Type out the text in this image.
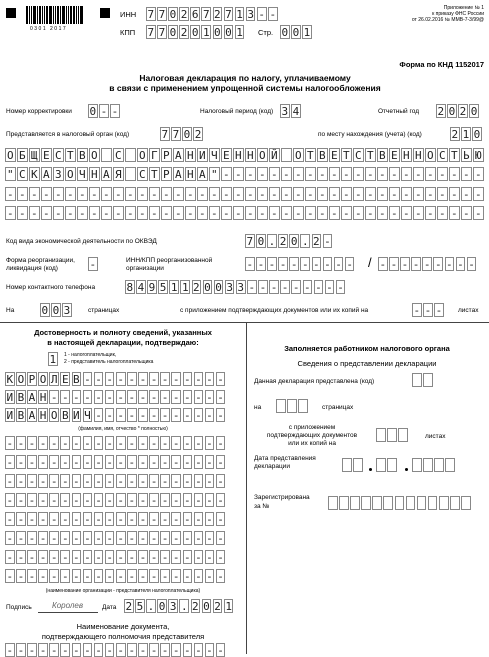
0301 2017
ИНН 7 7 0 2 6 7 2 7 1 3 - -
КПП 7 7 0 2 0 1 0 0 1 Стр. 0 0 1
Приложение № 1
к приказу ФНС России
от 26.02.2016 № ММВ-7-3/99@
Форма по КНД 1152017
Налоговая декларация по налогу, уплачиваемому
в связи с применением упрощенной системы налогообложения
Номер корректировки 0 - -	Налоговый период (код) 3 4	Отчетный год 2 0 2 0
Представляется в налоговый орган (код)	7 7 0 2	по месту нахождения (учета) (код)	2 1 0
О Б Щ Е С Т В О С О Г Р А Н И Ч Е Н Н О Й О Т В Е Т С Т В Е Н Н О С Т Ь Ю
" С К А З О Ч Н А Я С Т Р А Н А " - - - - - - - - - - - - - - - - - - - - - -
- - - - - - - - - - - - - - - - - - - - - - - - - - - - - - - - - - - - - - - -
- - - - - - - - - - - - - - - - - - - - - - - - - - - - - - - - - - - - - - - -
Код вида экономической деятельности по ОКВЭД	7 0 . 2 0 . 2 -
Форма реорганизации,
ликвидация (код)	-	ИНН/КПП реорганизованной
организации	- - - - - - - - - - / - - - - - - - - -
Номер контактного телефона	8 4 9 5 1 1 2 0 0 3 3 - - - - - - - - -
На 0 0 3	страницах	с приложением подтверждающих документов или их копий на	- - - листах
Достоверность и полноту сведений, указанных
в настоящей декларации, подтверждаю:
1 1 - налогоплательщик,
2 - представитель налогоплательщика
К О Р О Л Е В - - - - - - - - - - - - -
И В А Н - - - - - - - - - - - - - - - -
И В А Н О В И Ч - - - - - - - - - - - -
(фамилия, имя, отчество * полностью)
- - - - - - - - - - - - - - - - - - - -
- - - - - - - - - - - - - - - - - - - -
- - - - - - - - - - - - - - - - - - - -
- - - - - - - - - - - - - - - - - - - -
- - - - - - - - - - - - - - - - - - - -
- - - - - - - - - - - - - - - - - - - -
- - - - - - - - - - - - - - - - - - - -
- - - - - - - - - - - - - - - - - - - -
(наименование организации - представителя налогоплательщика)
Подпись	Королев	Дата 2 5 . 0 3 . 2 0 2 1
Наименование документа,
подтверждающего полномочия представителя
- - - - - - - - - - - - - - - - - - - -
Заполняется работником налогового органа
Сведения о представлении декларации
Данная декларация представлена (код)
на	страницах
с приложением
подтверждающих документов
или их копий на
листах
Дата представления
декларации
Зарегистрирована
за №
